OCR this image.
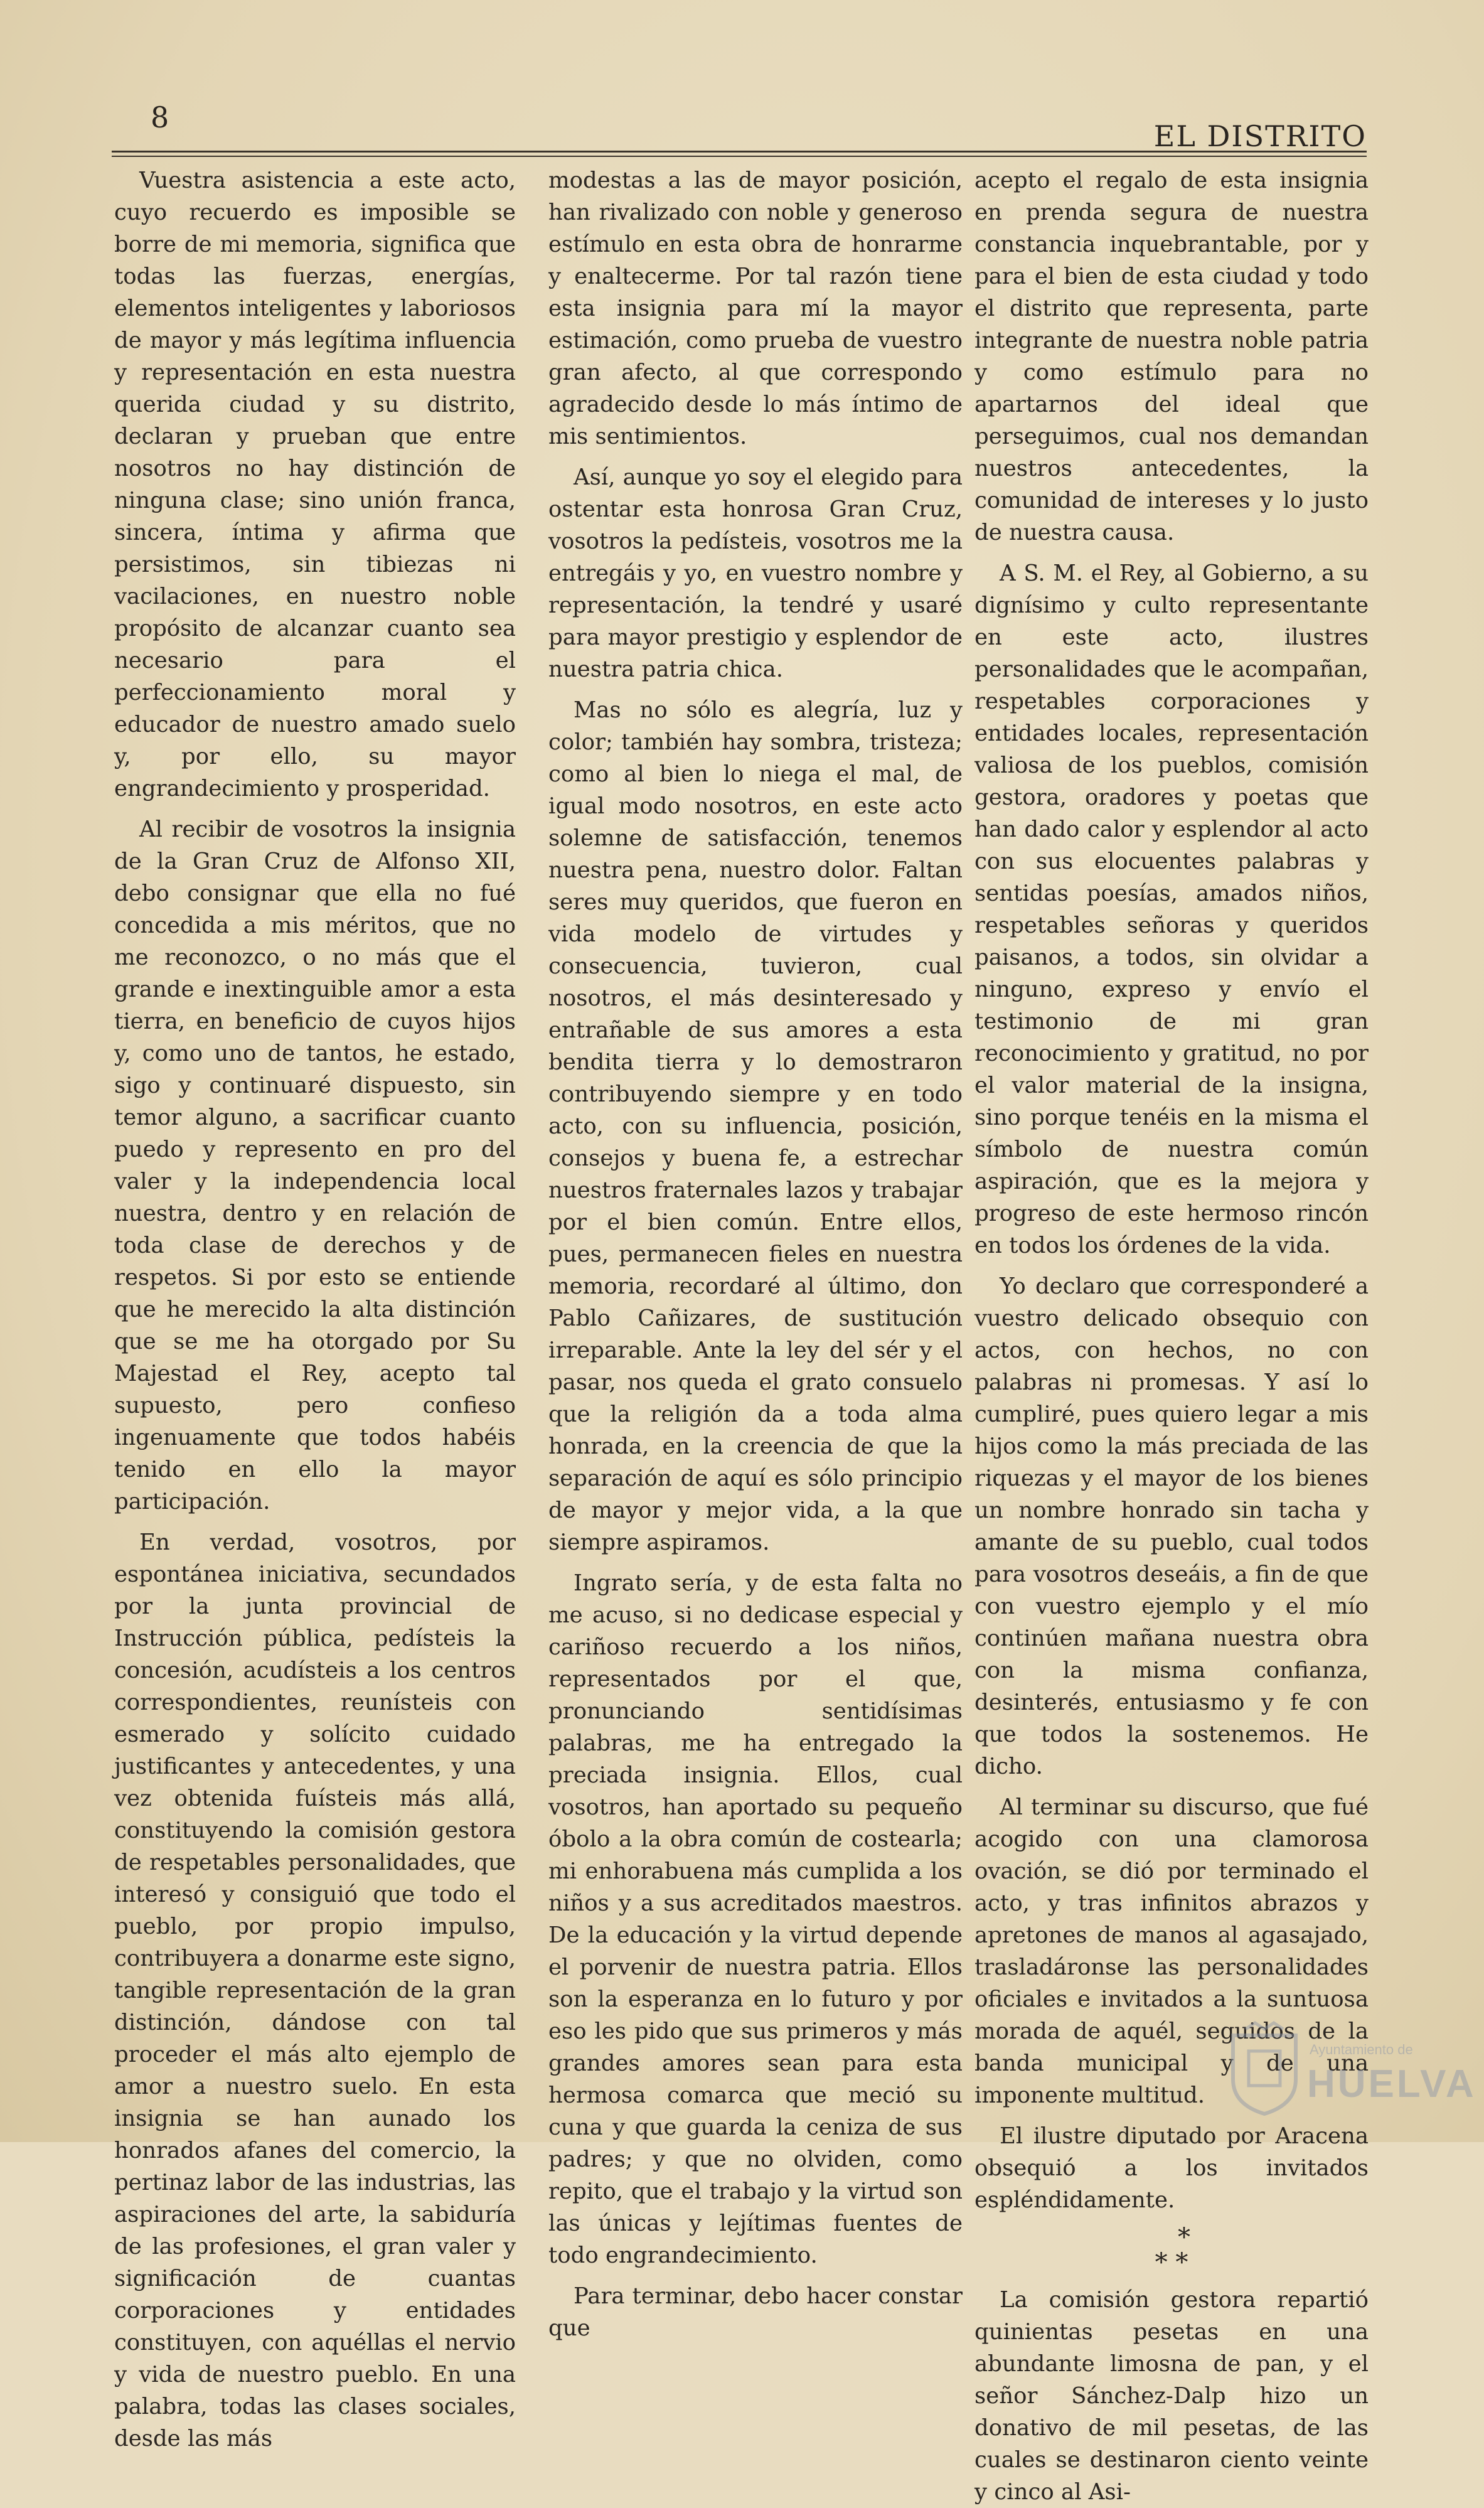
8
EL DISTRITO

Vuestra asistencia a este acto, cuyo recuerdo es imposible se borre de mi memoria, significa que todas las fuerzas, energías, elementos inteligentes y laboriosos de mayor y más legítima influencia y representación en esta nuestra querida ciudad y su distrito, declaran y prueban que entre nosotros no hay distinción de ninguna clase; sino unión franca, sincera, íntima y afirma que persistimos, sin tibiezas ni vacilaciones, en nuestro noble propósito de alcanzar cuanto sea necesario para el perfeccionamiento moral y educador de nuestro amado suelo y, por ello, su mayor engrandecimiento y prosperidad.

Al recibir de vosotros la insignia de la Gran Cruz de Alfonso XII, debo consignar que ella no fué concedida a mis méritos, que no me reconozco, o no más que el grande e inextinguible amor a esta tierra, en beneficio de cuyos hijos y, como uno de tantos, he estado, sigo y continuaré dispuesto, sin temor alguno, a sacrificar cuanto puedo y represento en pro del valer y la independencia local nuestra, dentro y en relación de toda clase de derechos y de respetos. Si por esto se entiende que he merecido la alta distinción que se me ha otorgado por Su Majestad el Rey, acepto tal supuesto, pero confieso ingenuamente que todos habéis tenido en ello la mayor participación.

En verdad, vosotros, por espontánea iniciativa, secundados por la junta provincial de Instrucción pública, pedísteis la concesión, acudísteis a los centros correspondientes, reunísteis con esmerado y solícito cuidado justificantes y antecedentes, y una vez obtenida fuísteis más allá, constituyendo la comisión gestora de respetables personalidades, que interesó y consiguió que todo el pueblo, por propio impulso, contribuyera a donarme este signo, tangible representación de la gran distinción, dándose con tal proceder el más alto ejemplo de amor a nuestro suelo. En esta insignia se han aunado los honrados afanes del comercio, la pertinaz labor de las industrias, las aspiraciones del arte, la sabiduría de las profesiones, el gran valer y significación de cuantas corporaciones y entidades constituyen, con aquéllas el nervio y vida de nuestro pueblo. En una palabra, todas las clases sociales, desde las más

modestas a las de mayor posición, han rivalizado con noble y generoso estímulo en esta obra de honrarme y enaltecerme. Por tal razón tiene esta insignia para mí la mayor estimación, como prueba de vuestro gran afecto, al que correspondo agradecido desde lo más íntimo de mis sentimientos.

Así, aunque yo soy el elegido para ostentar esta honrosa Gran Cruz, vosotros la pedísteis, vosotros me la entregáis y yo, en vuestro nombre y representación, la tendré y usaré para mayor prestigio y esplendor de nuestra patria chica.

Mas no sólo es alegría, luz y color; también hay sombra, tristeza; como al bien lo niega el mal, de igual modo nosotros, en este acto solemne de satisfacción, tenemos nuestra pena, nuestro dolor. Faltan seres muy queridos, que fueron en vida modelo de virtudes y consecuencia, tuvieron, cual nosotros, el más desinteresado y entrañable de sus amores a esta bendita tierra y lo demostraron contribuyendo siempre y en todo acto, con su influencia, posición, consejos y buena fe, a estrechar nuestros fraternales lazos y trabajar por el bien común. Entre ellos, pues, permanecen fieles en nuestra memoria, recordaré al último, don Pablo Cañizares, de sustitución irreparable. Ante la ley del sér y el pasar, nos queda el grato consuelo que la religión da a toda alma honrada, en la creencia de que la separación de aquí es sólo principio de mayor y mejor vida, a la que siempre aspiramos.

Ingrato sería, y de esta falta no me acuso, si no dedicase especial y cariñoso recuerdo a los niños, representados por el que, pronunciando sentidísimas palabras, me ha entregado la preciada insignia. Ellos, cual vosotros, han aportado su pequeño óbolo a la obra común de costearla; mi enhorabuena más cumplida a los niños y a sus acreditados maestros. De la educación y la virtud depende el porvenir de nuestra patria. Ellos son la esperanza en lo futuro y por eso les pido que sus primeros y más grandes amores sean para esta hermosa comarca que meció su cuna y que guarda la ceniza de sus padres; y que no olviden, como repito, que el trabajo y la virtud son las únicas y lejítimas fuentes de todo engrandecimiento.

Para terminar, debo hacer constar que

acepto el regalo de esta insignia en prenda segura de nuestra constancia inquebrantable, por y para el bien de esta ciudad y todo el distrito que representa, parte integrante de nuestra noble patria y como estímulo para no apartarnos del ideal que perseguimos, cual nos demandan nuestros antecedentes, la comunidad de intereses y lo justo de nuestra causa.

A S. M. el Rey, al Gobierno, a su dignísimo y culto representante en este acto, ilustres personalidades que le acompañan, respetables corporaciones y entidades locales, representación valiosa de los pueblos, comisión gestora, oradores y poetas que han dado calor y esplendor al acto con sus elocuentes palabras y sentidas poesías, amados niños, respetables señoras y queridos paisanos, a todos, sin olvidar a ninguno, expreso y envío el testimonio de mi gran reconocimiento y gratitud, no por el valor material de la insigna, sino porque tenéis en la misma el símbolo de nuestra común aspiración, que es la mejora y progreso de este hermoso rincón en todos los órdenes de la vida.

Yo declaro que corresponderé a vuestro delicado obsequio con actos, con hechos, no con palabras ni promesas. Y así lo cumpliré, pues quiero legar a mis hijos como la más preciada de las riquezas y el mayor de los bienes un nombre honrado sin tacha y amante de su pueblo, cual todos para vosotros deseáis, a fin de que con vuestro ejemplo y el mío continúen mañana nuestra obra con la misma confianza, desinterés, entusiasmo y fe con que todos la sostenemos. He dicho.

Al terminar su discurso, que fué acogido con una clamorosa ovación, se dió por terminado el acto, y tras infinitos abrazos y apretones de manos al agasajado, trasladáronse las personalidades oficiales e invitados a la suntuosa morada de aquél, seguidos de la banda municipal y de una imponente multitud.

El ilustre diputado por Aracena obsequió a los invitados espléndidamente.

*
* *

La comisión gestora repartió quinientas pesetas en una abundante limosna de pan, y el señor Sánchez-Dalp hizo un donativo de mil pesetas, de las cuales se destinaron ciento veinte y cinco al Asi-

Ayuntamiento de
HUELVA
